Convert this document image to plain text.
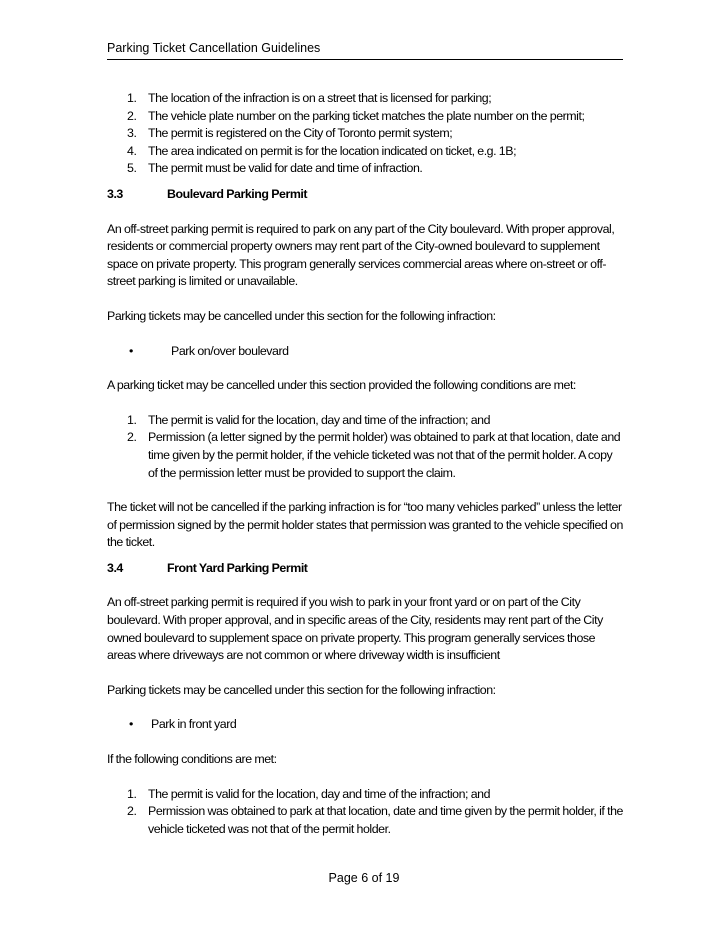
Parking Ticket Cancellation Guidelines
1. The location of the infraction is on a street that is licensed for parking;
2. The vehicle plate number on the parking ticket matches the plate number on the permit;
3. The permit is registered on the City of Toronto permit system;
4. The area indicated on permit is for the location indicated on ticket, e.g. 1B;
5. The permit must be valid for date and time of infraction.
3.3	Boulevard Parking Permit

An off-street parking permit is required to park on any part of the City boulevard. With proper approval, residents or commercial property owners may rent part of the City-owned boulevard to supplement space on private property. This program generally services commercial areas where on-street or off-street parking is limited or unavailable.

Parking tickets may be cancelled under this section for the following infraction:

•	Park on/over boulevard

A parking ticket may be cancelled under this section provided the following conditions are met:

1. The permit is valid for the location, day and time of the infraction; and
2. Permission (a letter signed by the permit holder) was obtained to park at that location, date and time given by the permit holder, if the vehicle ticketed was not that of the permit holder. A copy of the permission letter must be provided to support the claim.

The ticket will not be cancelled if the parking infraction is for “too many vehicles parked” unless the letter of permission signed by the permit holder states that permission was granted to the vehicle specified on the ticket.

3.4	Front Yard Parking Permit

An off-street parking permit is required if you wish to park in your front yard or on part of the City boulevard. With proper approval, and in specific areas of the City, residents may rent part of the City owned boulevard to supplement space on private property. This program generally services those areas where driveways are not common or where driveway width is insufficient

Parking tickets may be cancelled under this section for the following infraction:

• Park in front yard

If the following conditions are met:

1. The permit is valid for the location, day and time of the infraction; and
2. Permission was obtained to park at that location, date and time given by the permit holder, if the vehicle ticketed was not that of the permit holder.
Page 6 of 19
